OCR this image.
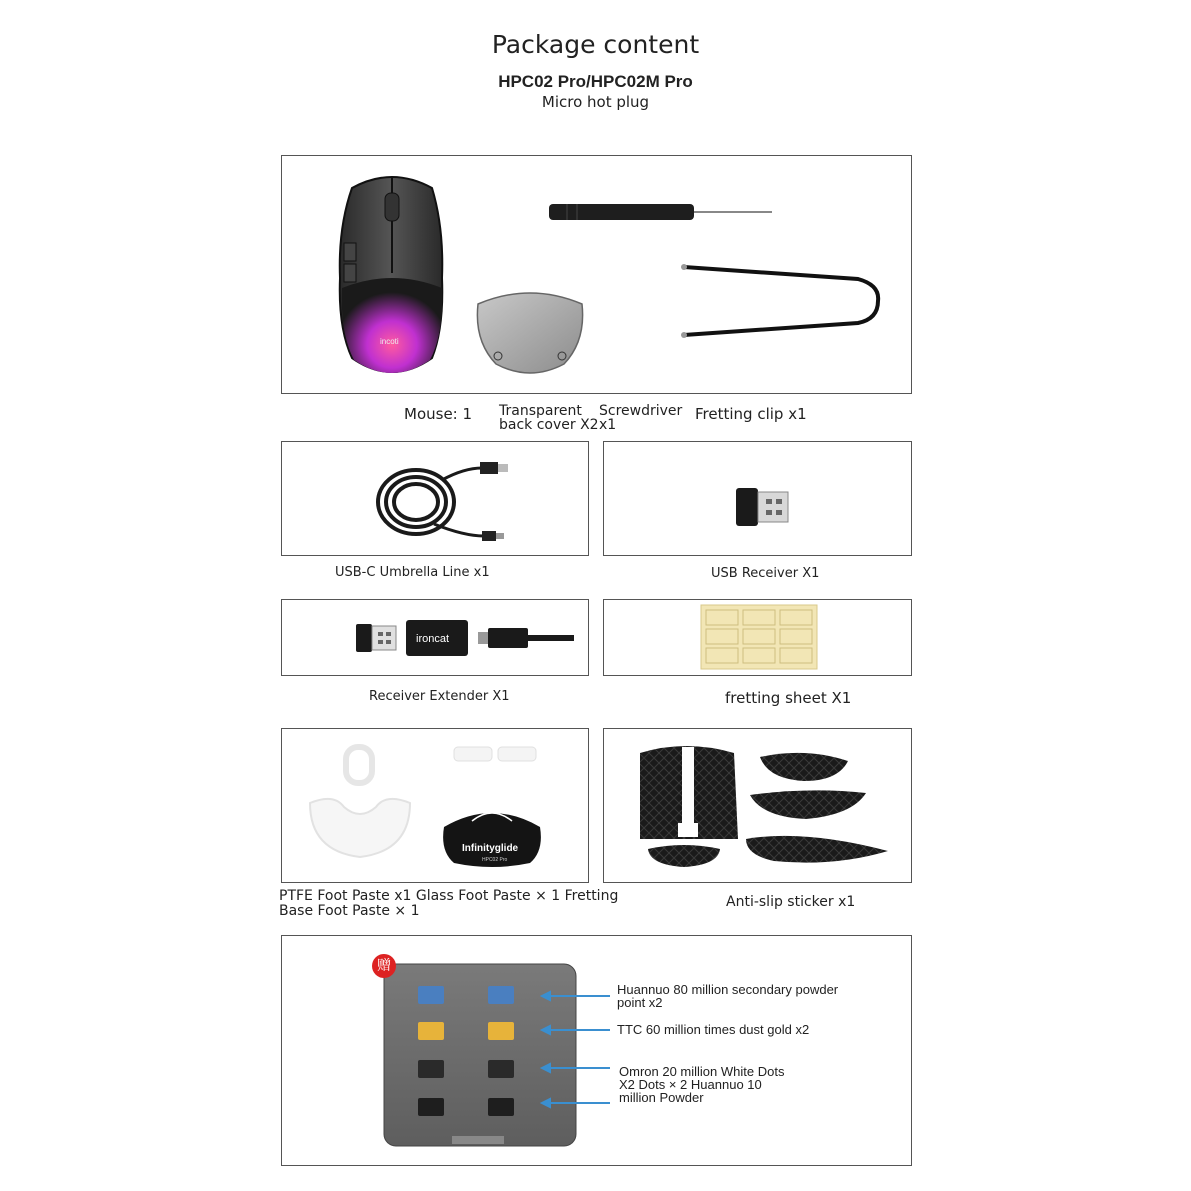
Package content
HPC02 Pro/HPC02M Pro
Micro hot plug
incoti
Mouse: 1 Transparent
back cover X2
Screwdriver
x1
Fretting clip x1
USB-C Umbrella Line x1	USB Receiver X1
ironcat
Receiver Extender X1	fretting sheet X1
Infinityglide
HPC02 Pro
PTFE Foot Paste x1 Glass Foot Paste × 1 Fretting
Base Foot Paste × 1
Anti-slip sticker x1
赠
Huannuo 80 million secondary powder
point x2
TTC 60 million times dust gold x2
Omron 20 million White Dots
X2 Dots × 2 Huannuo 10
million Powder
